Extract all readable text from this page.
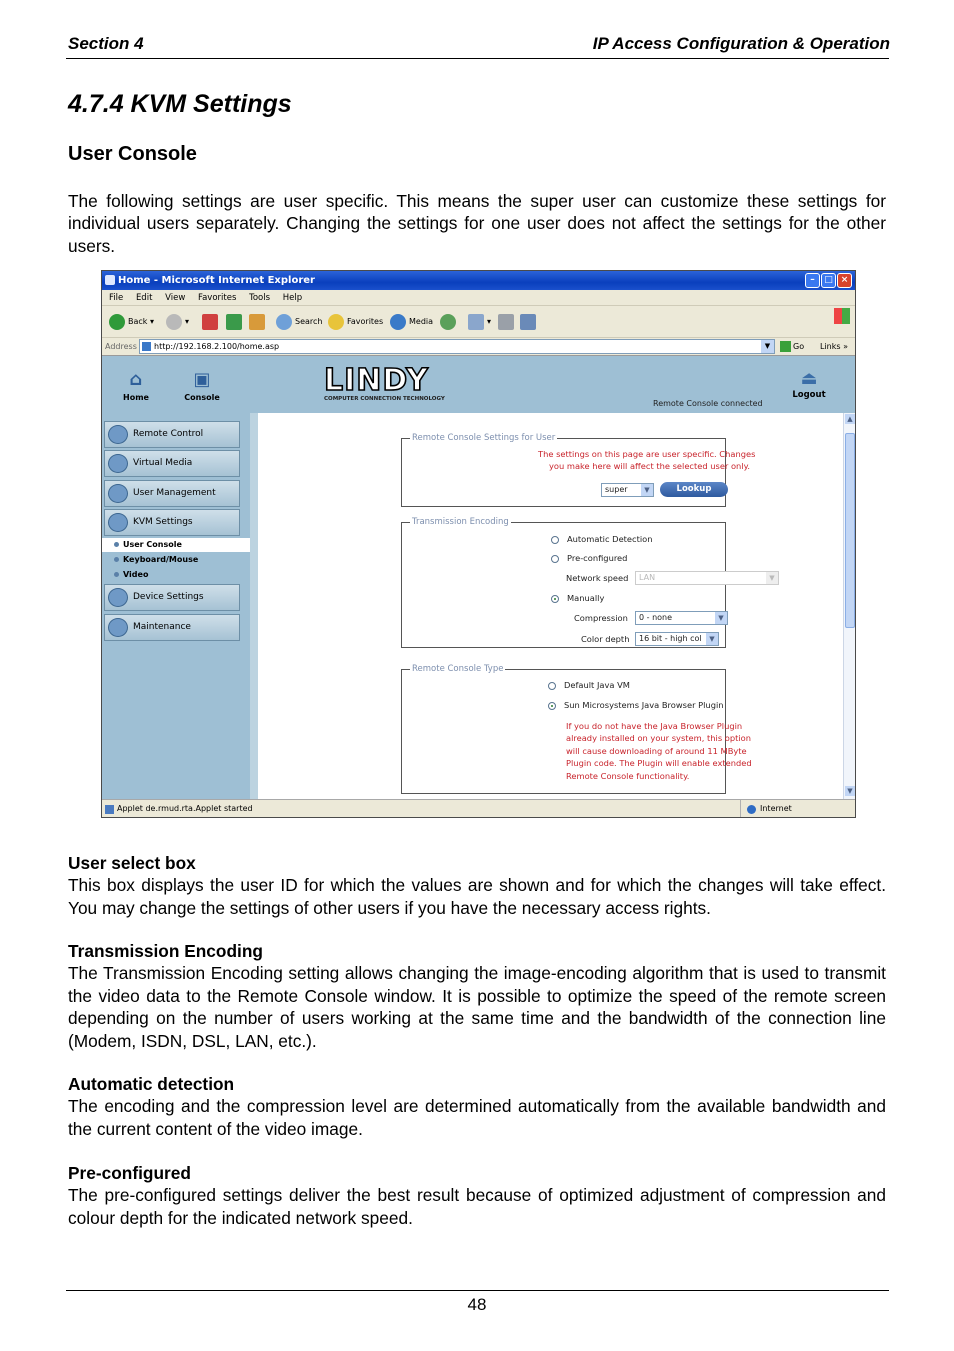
Section 4	IP Access Configuration & Operation
4.7.4 KVM Settings
User Console
The following settings are user specific. This means the super user can customize these settings for individual users separately. Changing the settings for one user does not affect the settings for the other users.
Home - Microsoft Internet Explorer	–	□ ×
File Edit View Favorites Tools Help
Back ▾	▾	Search	Favorites	Media	▾
Address	http://192.168.2.100/home.asp	▼	Go Links »
⌂
Home
▣
Console	LINDY
COMPUTER CONNECTION TECHNOLOGY	Remote Console connected
⏏
Logout
Remote Control
Virtual Media
User Management
KVM Settings
User Console
Keyboard/Mouse
Video
Device Settings
Maintenance
Remote Console Settings for User
The settings on this page are user specific. Changes
you make here will affect the selected user only.
super	▼	Lookup
Transmission Encoding
Automatic Detection
Pre-configured
Network speed	LAN	▼
Manually
Compression	0 - none	▼
Color depth	16 bit - high col	▼
Remote Console Type
Default Java VM
Sun Microsystems Java Browser Plugin
If you do not have the Java Browser Plugin
already installed on your system, this option
will cause downloading of around 11 MByte
Plugin code. The Plugin will enable extended
Remote Console functionality.
▲
▼
Applet de.rmud.rta.Applet started	Internet
User select box
This box displays the user ID for which the values are shown and for which the changes will take effect. You may change the settings of other users if you have the necessary access rights.
Transmission Encoding
The Transmission Encoding setting allows changing the image-encoding algorithm that is used to transmit the video data to the Remote Console window. It is possible to optimize the speed of the remote screen depending on the number of users working at the same time and the bandwidth of the connection line (Modem, ISDN, DSL, LAN, etc.).
Automatic detection
The encoding and the compression level are determined automatically from the available bandwidth and the current content of the video image.
Pre-configured
The pre-configured settings deliver the best result because of optimized adjustment of compression and colour depth for the indicated network speed.
48
